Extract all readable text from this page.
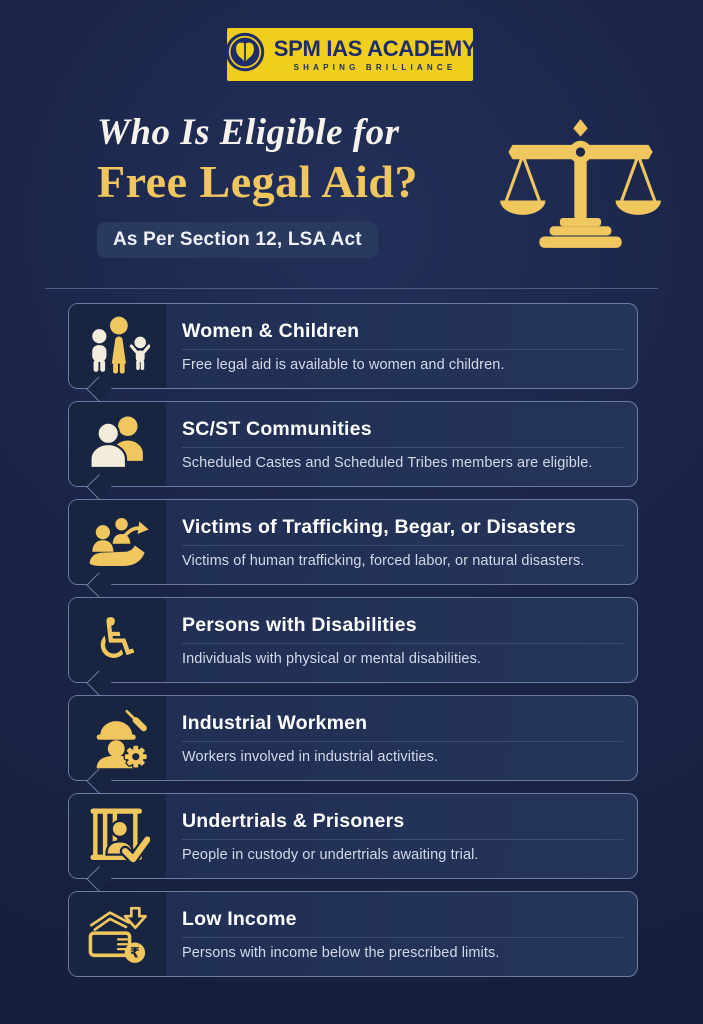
SPM IAS ACADEMY
SHAPING BRILLIANCE
Who Is Eligible for
Free Legal Aid?
As Per Section 12, LSA Act
Women & Children

Free legal aid is available to women and children.

SC/ST Communities

Scheduled Castes and Scheduled Tribes members are eligible.

Victims of Trafficking, Begar, or Disasters

Victims of human trafficking, forced labor, or natural disasters.

♿ Persons with Disabilities

Individuals with physical or mental disabilities.

Industrial Workmen

Workers involved in industrial activities.

Undertrials & Prisoners

People in custody or undertrials awaiting trial.

₹
Low Income

Persons with income below the prescribed limits.
